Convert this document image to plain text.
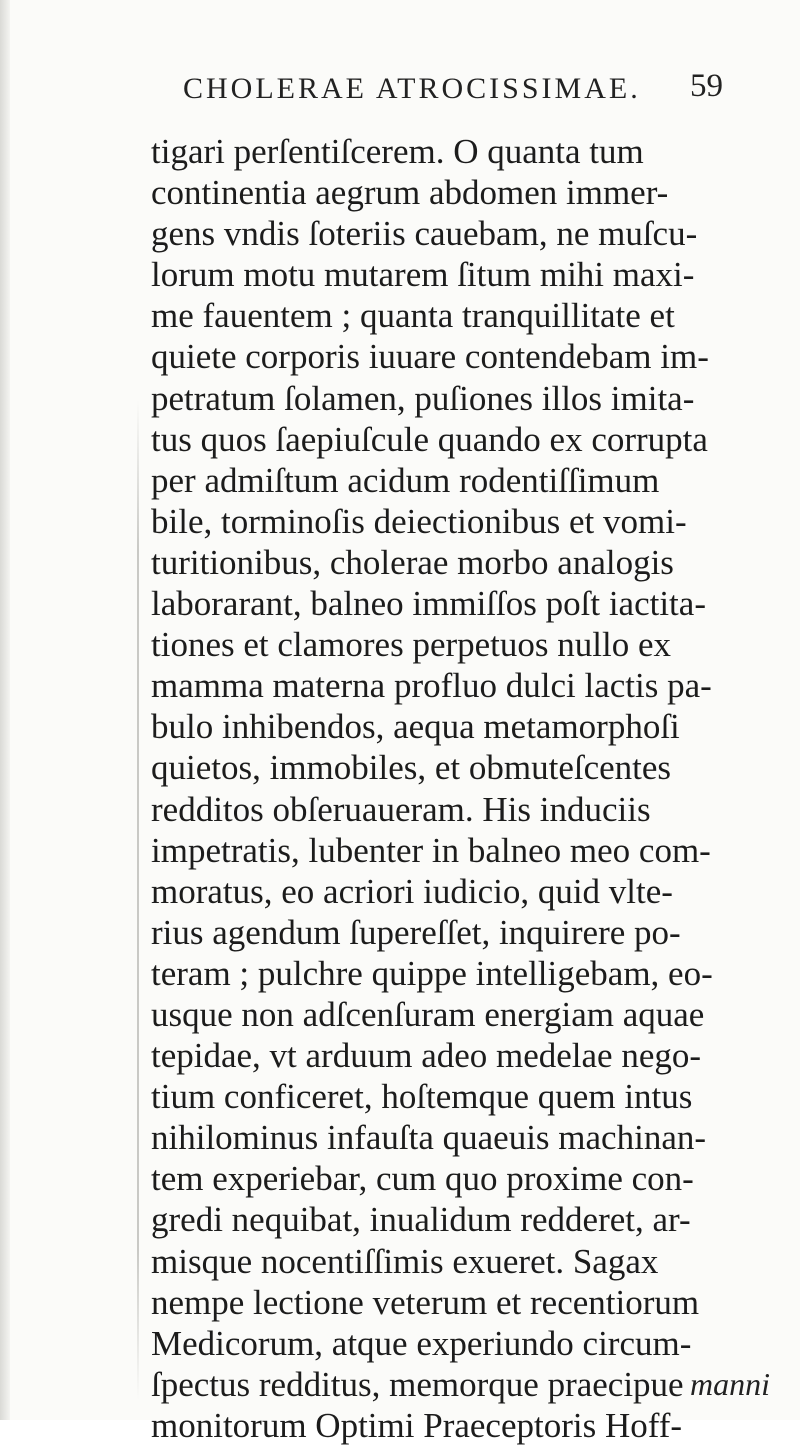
CHOLERAE ATROCISSIMAE. 59
tigari perſentiſcerem. O quanta tum
continentia aegrum abdomen immer-
gens vndis ſoteriis cauebam, ne muſcu-
lorum motu mutarem ſitum mihi maxi-
me fauentem ; quanta tranquillitate et
quiete corporis iuuare contendebam im-
petratum ſolamen, puſiones illos imita-
tus quos ſaepiuſcule quando ex corrupta
per admiſtum acidum rodentiſſimum
bile, torminoſis deiectionibus et vomi-
turitionibus, cholerae morbo analogis
laborarant, balneo immiſſos poſt iactita-
tiones et clamores perpetuos nullo ex
mamma materna profluo dulci lactis pa-
bulo inhibendos, aequa metamorphoſi
quietos, immobiles, et obmuteſcentes
redditos obſeruaueram. His induciis
impetratis, lubenter in balneo meo com-
moratus, eo acriori iudicio, quid vlte-
rius agendum ſupereſſet, inquirere po-
teram ; pulchre quippe intelligebam, eo-
usque non adſcenſuram energiam aquae
tepidae, vt arduum adeo medelae nego-
tium conficeret, hoſtemque quem intus
nihilominus infauſta quaeuis machinan-
tem experiebar, cum quo proxime con-
gredi nequibat, inualidum redderet, ar-
misque nocentiſſimis exueret. Sagax
nempe lectione veterum et recentiorum
Medicorum, atque experiundo circum-
ſpectus redditus, memorque praecipue
monitorum Optimi Praeceptoris Hoff-
manni
